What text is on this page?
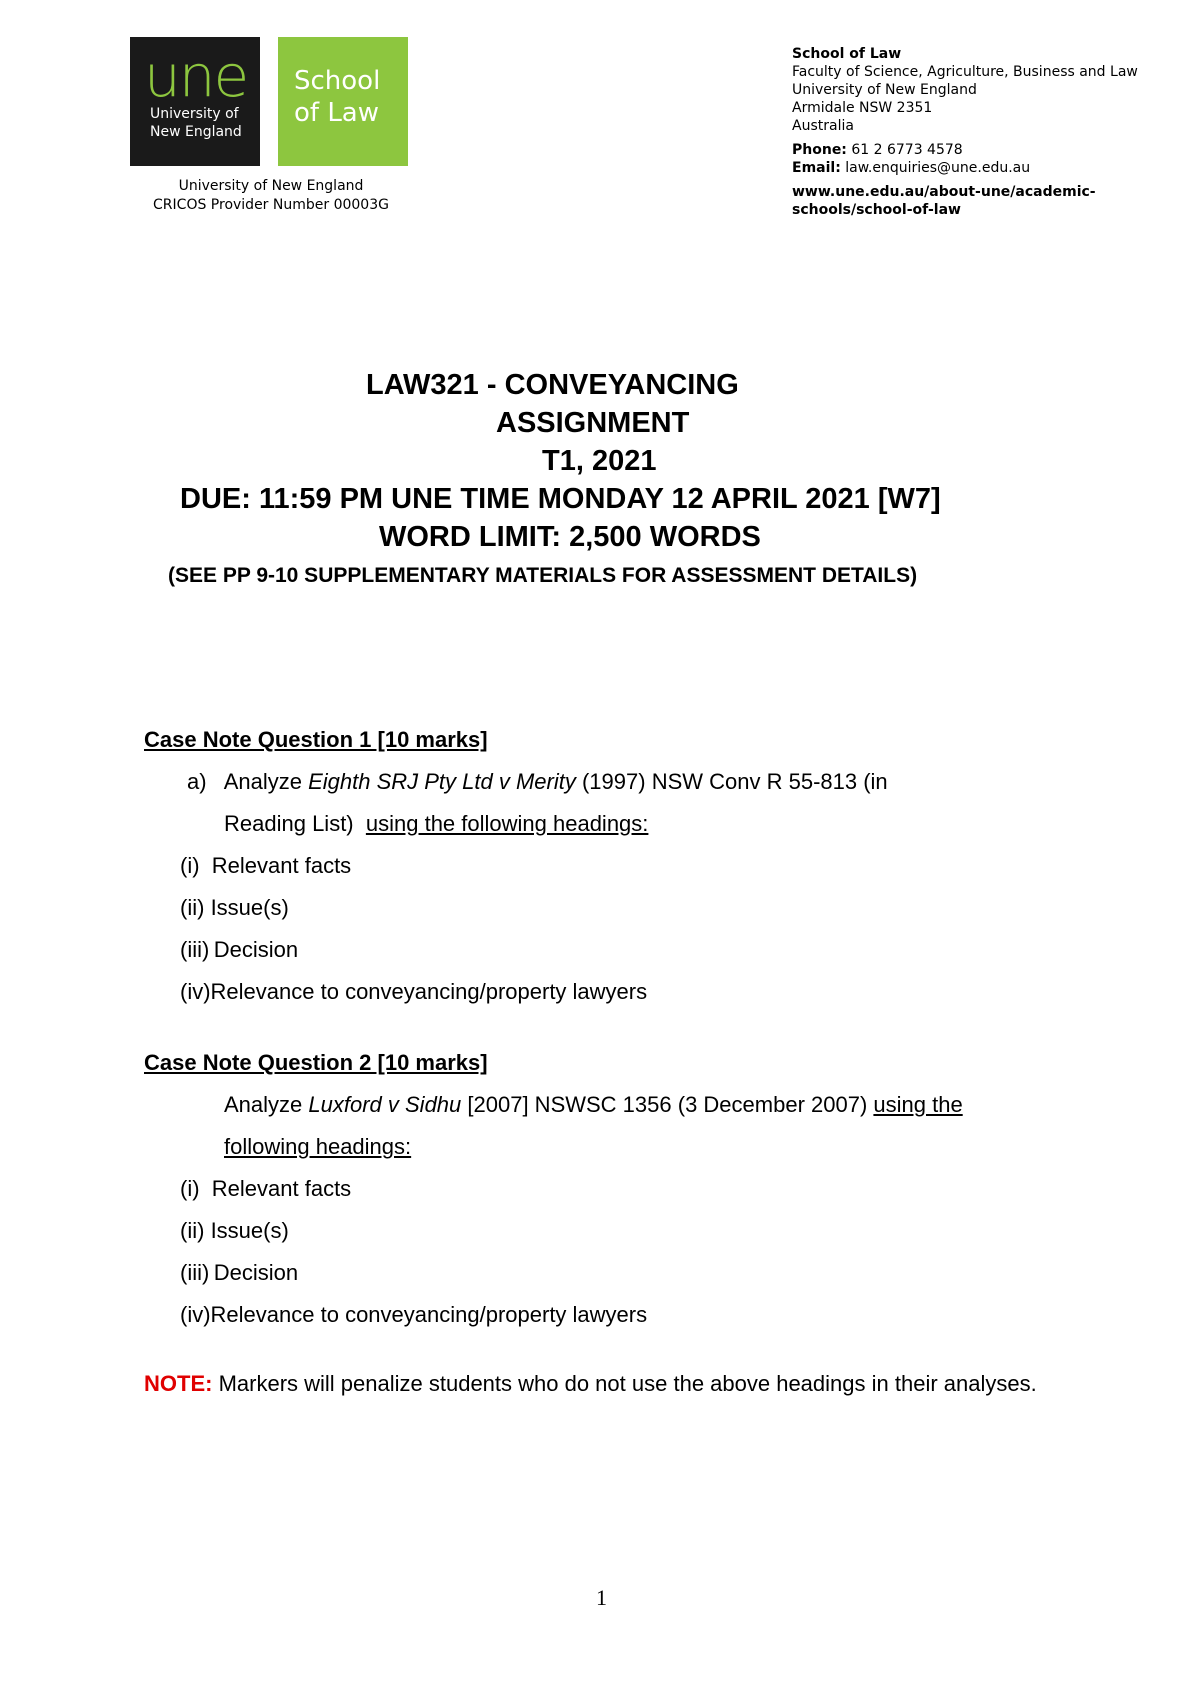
une
University of
New England
School
of Law
University of New England
CRICOS Provider Number 00003G
School of Law
Faculty of Science, Agriculture, Business and Law
University of New England
Armidale NSW 2351
Australia
Phone: 61 2 6773 4578
Email: law.enquiries@une.edu.au
www.une.edu.au/about-une/academic-
schools/school-of-law
LAW321 - CONVEYANCING
ASSIGNMENT
T1, 2021
DUE: 11:59 PM UNE TIME MONDAY 12 APRIL 2021 [W7]
WORD LIMIT: 2,500 WORDS
(SEE PP 9-10 SUPPLEMENTARY MATERIALS FOR ASSESSMENT DETAILS)
Case Note Question 1 [10 marks]
a) Analyze Eighth SRJ Pty Ltd v Merity (1997) NSW Conv R 55-813 (in
Reading List) using the following headings:
(i) Relevant facts
(ii) Issue(s)
(iii)  Decision
(iv)Relevance to conveyancing/property lawyers
Case Note Question 2 [10 marks]
Analyze Luxford v Sidhu [2007] NSWSC 1356 (3 December 2007) using the
following headings:
(i) Relevant facts
(ii) Issue(s)
(iii)  Decision
(iv)Relevance to conveyancing/property lawyers
NOTE: Markers will penalize students who do not use the above headings in their analyses.
1
